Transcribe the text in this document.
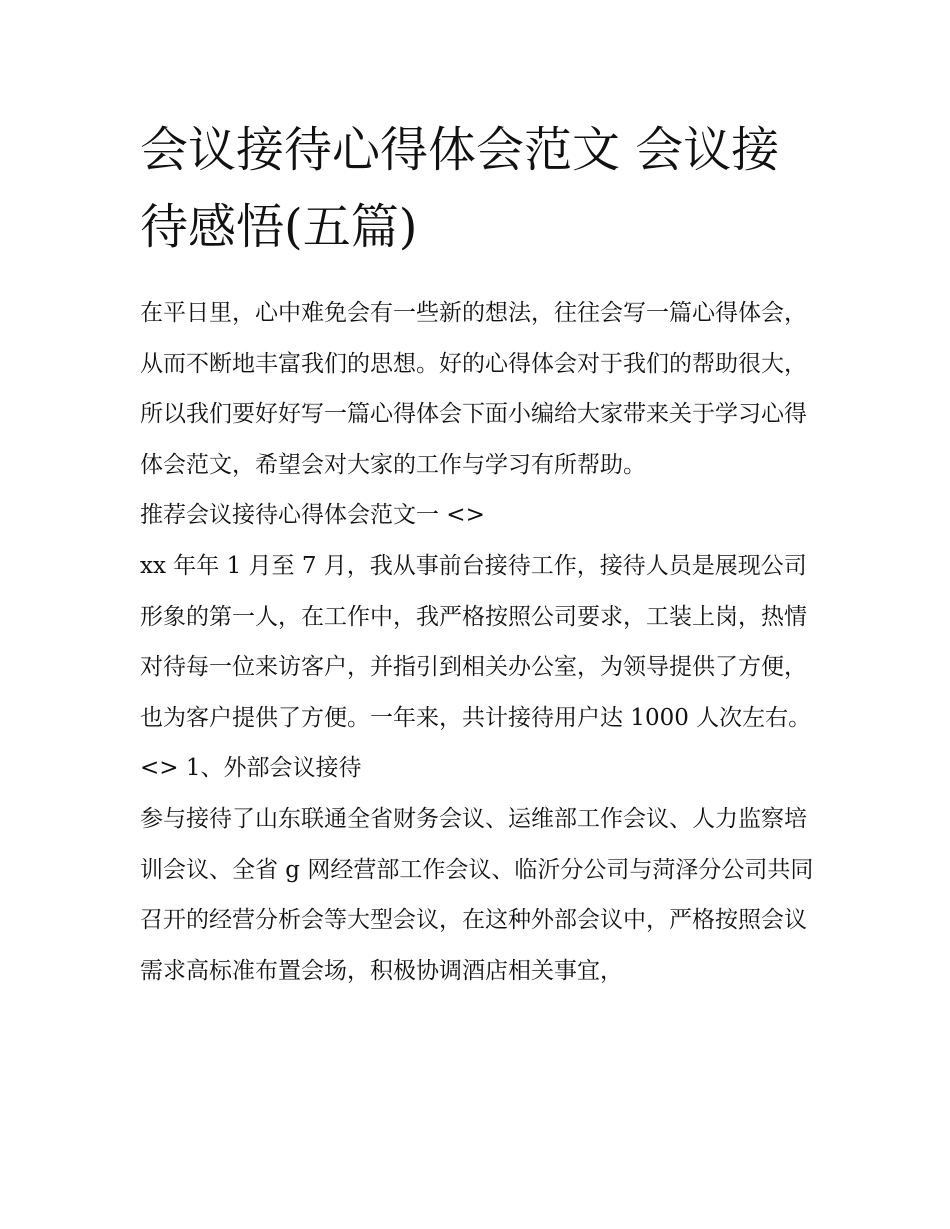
会议接待心得体会范文 会议接待感悟(五篇)

在平日里，心中难免会有一些新的想法，往往会写一篇心得体会，从而不断地丰富我们的思想。好的心得体会对于我们的帮助很大，所以我们要好好写一篇心得体会下面小编给大家带来关于学习心得体会范文，希望会对大家的工作与学习有所帮助。

推荐会议接待心得体会范文一 <>

xx 年年 1 月至 7 月，我从事前台接待工作，接待人员是展现公司形象的第一人，在工作中，我严格按照公司要求，工装上岗，热情对待每一位来访客户，并指引到相关办公室，为领导提供了方便，也为客户提供了方便。一年来，共计接待用户达 1000 人次左右。

<> 1、外部会议接待

参与接待了山东联通全省财务会议、运维部工作会议、人力监察培训会议、全省 g 网经营部工作会议、临沂分公司与菏泽分公司共同召开的经营分析会等大型会议，在这种外部会议中，严格按照会议需求高标准布置会场，积极协调酒店相关事宜，
